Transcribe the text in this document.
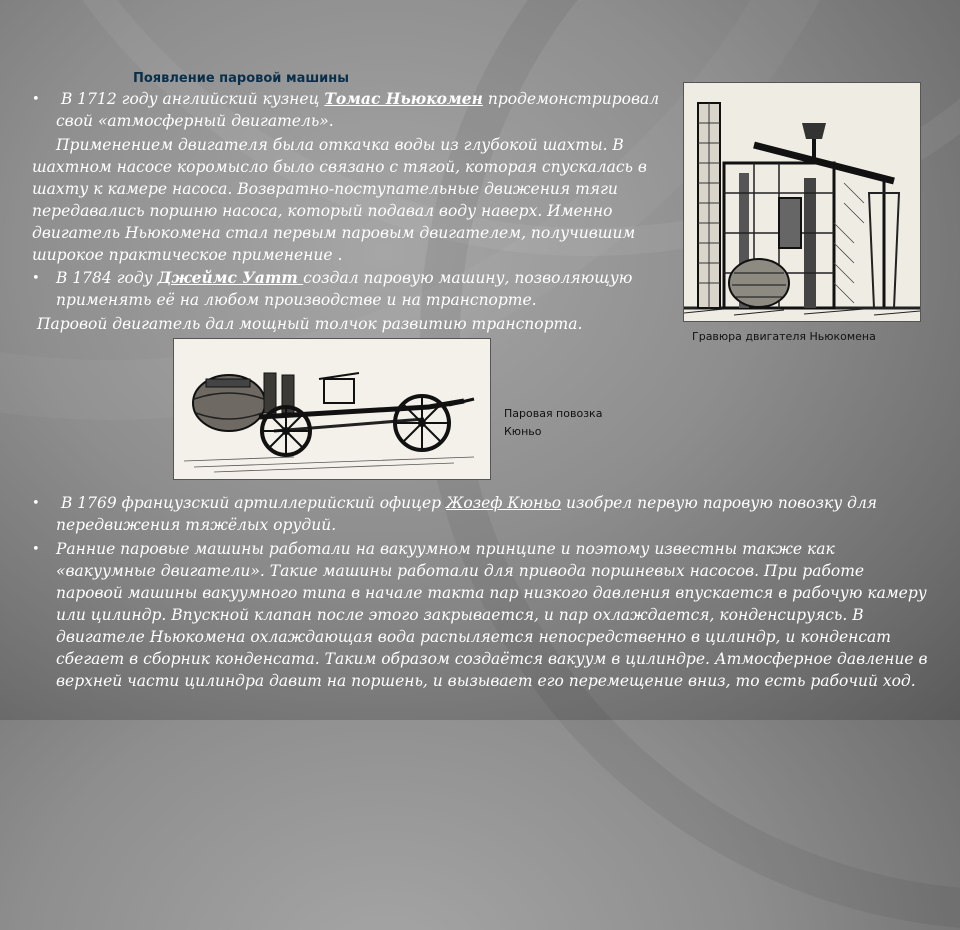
Появление паровой машины
•	В 1712 году английский кузнец Томас Ньюкомен продемонстрировал
свой «атмосферный двигатель».
Применением двигателя была откачка воды из глубокой шахты. В
шахтном насосе коромысло было связано с тягой, которая спускалась в
шахту к камере насоса. Возвратно-поступательные движения тяги
передавались поршню насоса, который подавал воду наверх. Именно
двигатель Ньюкомена стал первым паровым двигателем, получившим
широкое практическое применение .
• В 1784 году Джеймс Уатт создал паровую машину, позволяющую
применять её на любом производстве и на транспорте.
Паровой двигатель дал мощный толчок развитию транспорта.
Гравюра двигателя Ньюкомена
Паровая повозка
Кюньо
•	В 1769 французский артиллерийский офицер Жозеф Кюньо изобрел первую паровую повозку для
передвижения тяжёлых орудий.
• Ранние паровые машины работали на вакуумном принципе и поэтому известны также как
«вакуумные двигатели». Такие машины работали для привода поршневых насосов. При работе
паровой машины вакуумного типа в начале такта пар низкого давления впускается в рабочую камеру
или цилиндр. Впускной клапан после этого закрывается, и пар охлаждается, конденсируясь. В
двигателе Ньюкомена охлаждающая вода распыляется непосредственно в цилиндр, и конденсат
сбегает в сборник конденсата. Таким образом создаётся вакуум в цилиндре. Атмосферное давление в
верхней части цилиндра давит на поршень, и вызывает его перемещение вниз, то есть рабочий ход.
